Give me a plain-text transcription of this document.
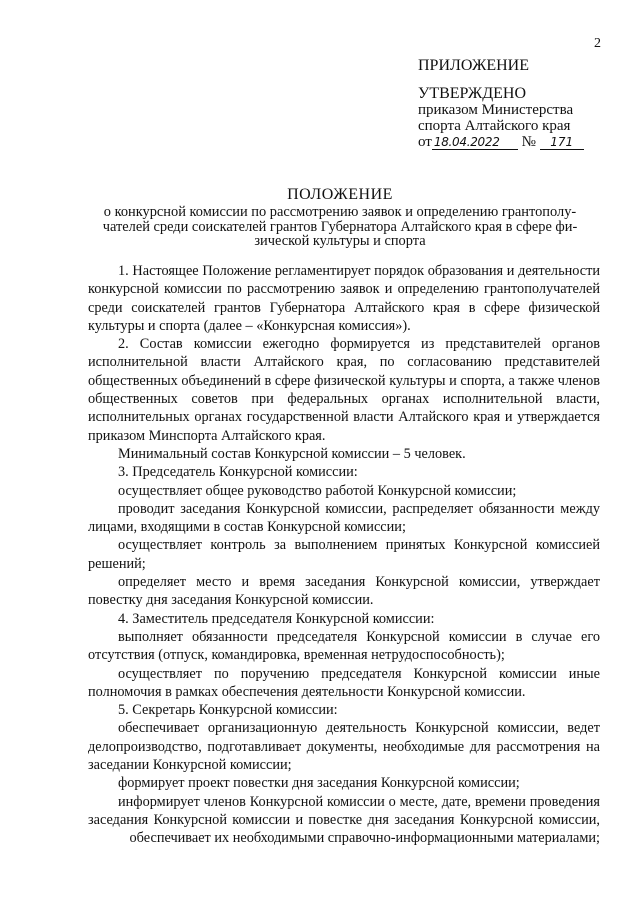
2
ПРИЛОЖЕНИЕ
УТВЕРЖДЕНО
приказом Министерства
спорта Алтайского края
от 18.04.2022 № 171
ПОЛОЖЕНИЕ
о конкурсной комиссии по рассмотрению заявок и определению грантополу-
чателей среди соискателей грантов Губернатора Алтайского края в сфере фи-
зической культуры и спорта

1. Настоящее Положение регламентирует порядок образования и деятельности конкурсной комиссии по рассмотрению заявок и определению грантополучателей среди соискателей грантов Губернатора Алтайского края в сфере физической культуры и спорта (далее – «Конкурсная комиссия»).

2. Состав комиссии ежегодно формируется из представителей органов исполнительной власти Алтайского края, по согласованию представителей общественных объединений в сфере физической культуры и спорта, а также членов общественных советов при федеральных органах исполнительной власти, исполнительных органах государственной власти Алтайского края и утверждается приказом Минспорта Алтайского края.

Минимальный состав Конкурсной комиссии – 5 человек.

3. Председатель Конкурсной комиссии:

осуществляет общее руководство работой Конкурсной комиссии;

проводит заседания Конкурсной комиссии, распределяет обязанности между лицами, входящими в состав Конкурсной комиссии;

осуществляет контроль за выполнением принятых Конкурсной комиссией решений;

определяет место и время заседания Конкурсной комиссии, утверждает повестку дня заседания Конкурсной комиссии.

4. Заместитель председателя Конкурсной комиссии:

выполняет обязанности председателя Конкурсной комиссии в случае его отсутствия (отпуск, командировка, временная нетрудоспособность);

осуществляет по поручению председателя Конкурсной комиссии иные полномочия в рамках обеспечения деятельности Конкурсной комиссии.

5. Секретарь Конкурсной комиссии:

обеспечивает организационную деятельность Конкурсной комиссии, ведет делопроизводство, подготавливает документы, необходимые для рассмотрения на заседании Конкурсной комиссии;

формирует проект повестки дня заседания Конкурсной комиссии;

информирует членов Конкурсной комиссии о месте, дате, времени проведения заседания Конкурсной комиссии и повестке дня заседания Конкурсной комиссии, обеспечивает их необходимыми справочно-информационными материалами;
